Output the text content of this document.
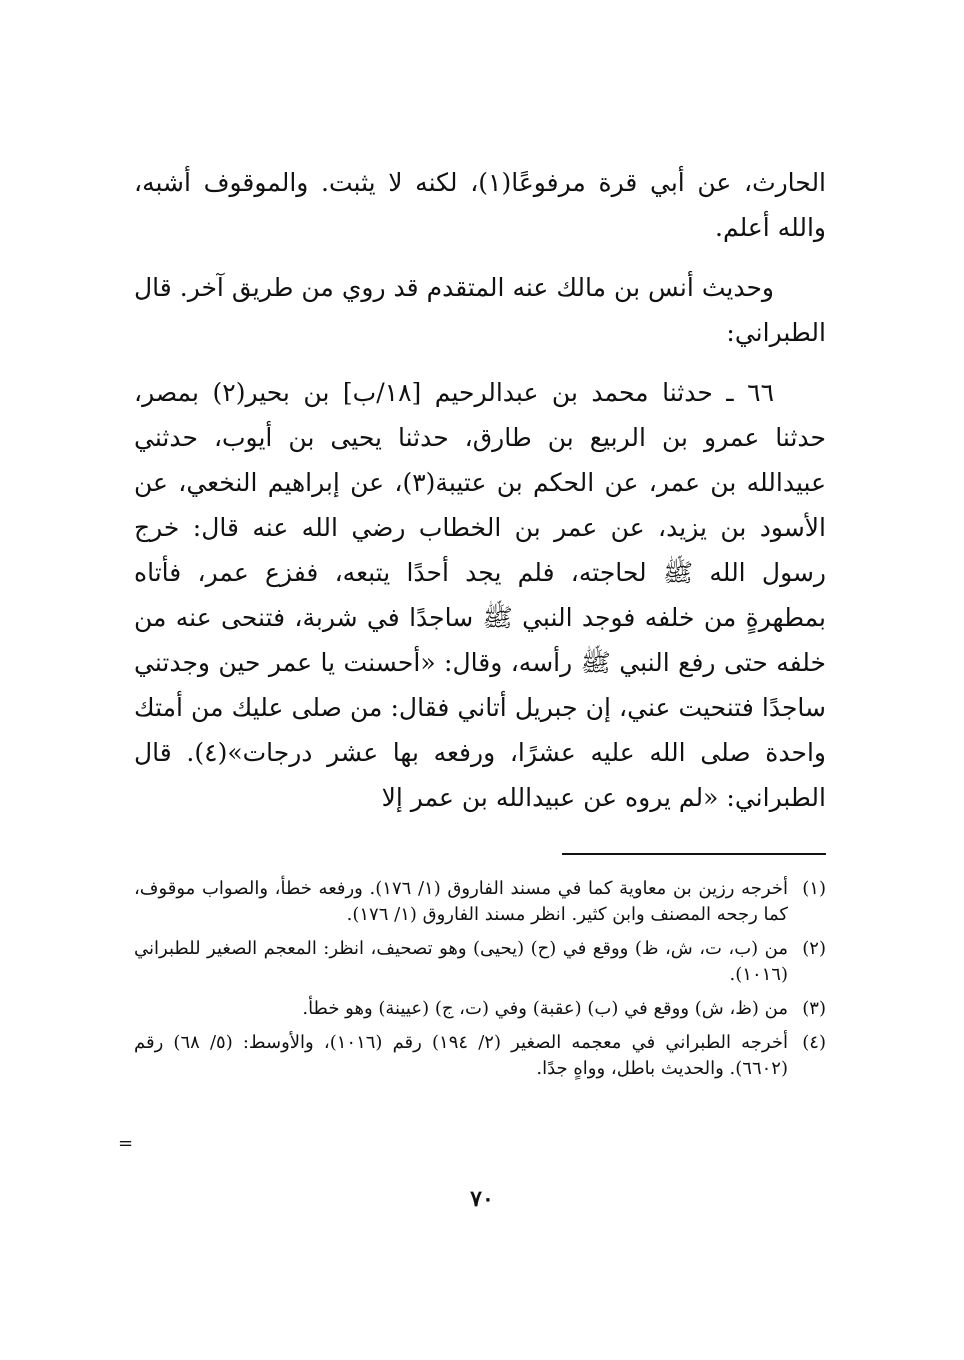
الحارث، عن أبي قرة مرفوعًا(١)، لكنه لا يثبت. والموقوف أشبه، والله أعلم.
وحديث أنس بن مالك عنه المتقدم قد روي من طريق آخر. قال الطبراني:
٦٦ ـ حدثنا محمد بن عبدالرحيم [١٨/ب] بن بحير(٢) بمصر، حدثنا عمرو بن الربيع بن طارق، حدثنا يحيى بن أيوب، حدثني عبيدالله بن عمر، عن الحكم بن عتيبة(٣)، عن إبراهيم النخعي، عن الأسود بن يزيد، عن عمر بن الخطاب رضي الله عنه قال: خرج رسول الله ﷺ لحاجته، فلم يجد أحدًا يتبعه، ففزع عمر، فأتاه بمطهرةٍ من خلفه فوجد النبي ﷺ ساجدًا في شربة، فتنحى عنه من خلفه حتى رفع النبي ﷺ رأسه، وقال: «أحسنت يا عمر حين وجدتني ساجدًا فتنحيت عني، إن جبريل أتاني فقال: من صلى عليك من أمتك واحدة صلى الله عليه عشرًا، ورفعه بها عشر درجات»(٤). قال الطبراني: «لم يروه عن عبيدالله بن عمر إلا
(١)
أخرجه رزين بن معاوية كما في مسند الفاروق (١/ ١٧٦). ورفعه خطأ، والصواب موقوف، كما رجحه المصنف وابن كثير. انظر مسند الفاروق (١/ ١٧٦).
(٢)
من (ب، ت، ش، ظ) ووقع في (ح) (يحيى) وهو تصحيف، انظر: المعجم الصغير للطبراني (١٠١٦).
(٣)
من (ظ، ش) ووقع في (ب) (عقبة) وفي (ت، ج) (عيينة) وهو خطأ.
(٤)
أخرجه الطبراني في معجمه الصغير (٢/ ١٩٤) رقم (١٠١٦)، والأوسط: (٥/ ٦٨) رقم (٦٦٠٢). والحديث باطل، وواهٍ جدًا.
=
٧٠
